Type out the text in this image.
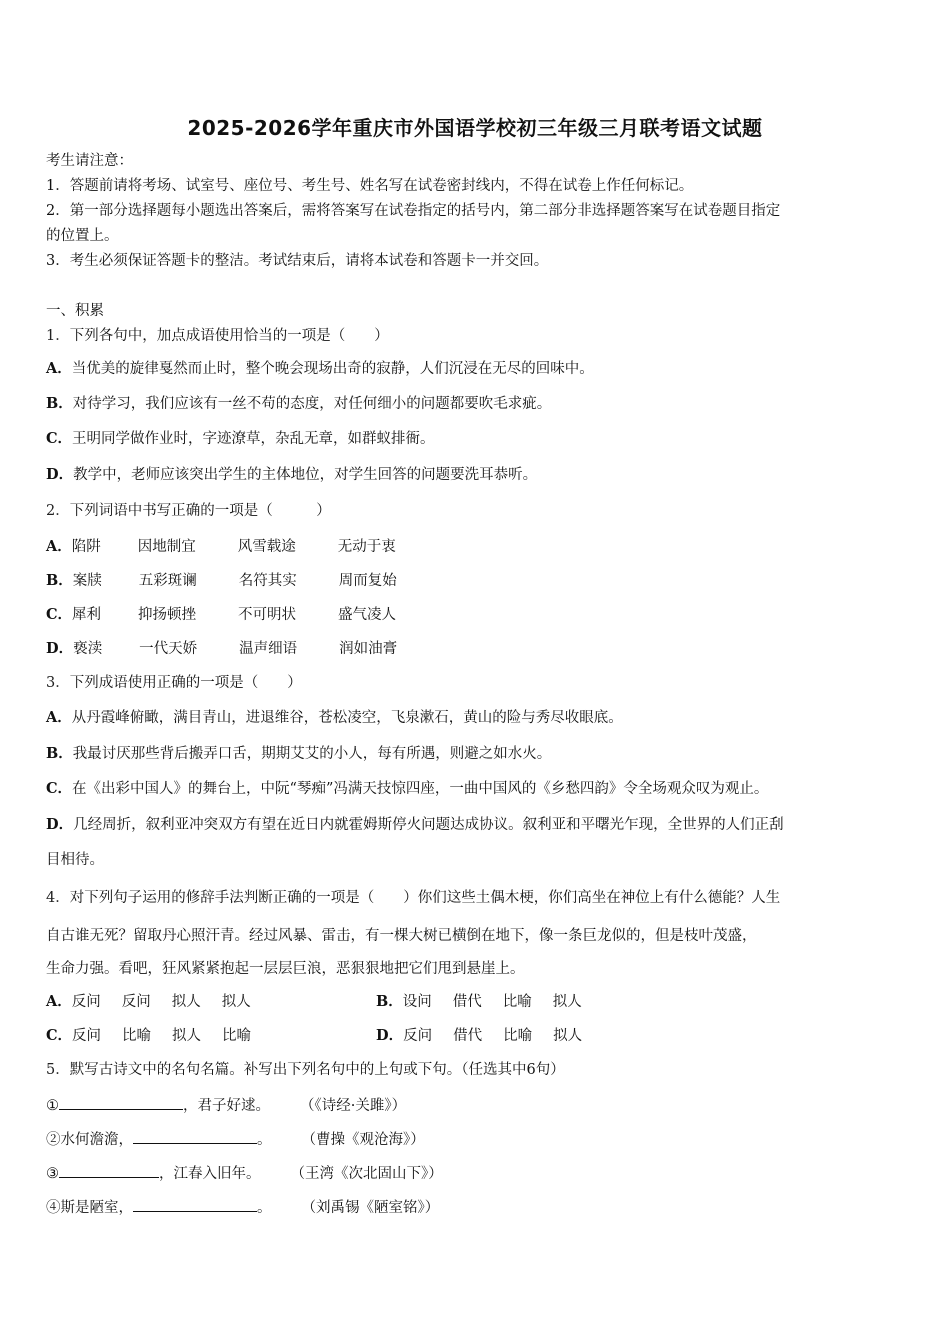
2025-2026学年重庆市外国语学校初三年级三月联考语文试题
考生请注意：
1．答题前请将考场、试室号、座位号、考生号、姓名写在试卷密封线内，不得在试卷上作任何标记。
2．第一部分选择题每小题选出答案后，需将答案写在试卷指定的括号内，第二部分非选择题答案写在试卷题目指定
的位置上。
3．考生必须保证答题卡的整洁。考试结束后，请将本试卷和答题卡一并交回。
一、积累
1．下列各句中，加点成语使用恰当的一项是（　　）
A．当优美的旋律戛然而止时，整个晚会现场出奇的寂静，人们沉浸在无尽的回味中。
B．对待学习，我们应该有一丝不苟的态度，对任何细小的问题都要吹毛求疵。
C．王明同学做作业时，字迹潦草，杂乱无章，如群蚁排衙。
D．教学中，老师应该突出学生的主体地位，对学生回答的问题要洗耳恭听。
2．下列词语中书写正确的一项是（　　　）
A．陷阱	因地制宜	风雪载途	无动于衷
B．案牍	五彩斑谰	名符其实	周而复始
C．犀利	抑扬顿挫	不可明状	盛气凌人
D．亵渎	一代天娇	温声细语	润如油膏
3．下列成语使用正确的一项是（　　）
A．从丹霞峰俯瞰，满目青山，进退维谷，苍松凌空，飞泉漱石，黄山的险与秀尽收眼底。
B．我最讨厌那些背后搬弄口舌，期期艾艾的小人，每有所遇，则避之如水火。
C．在《出彩中国人》的舞台上，中阮“琴痴”冯满天技惊四座，一曲中国风的《乡愁四韵》令全场观众叹为观止。
D．几经周折，叙利亚冲突双方有望在近日内就霍姆斯停火问题达成协议。叙利亚和平曙光乍现，全世界的人们正刮
目相待。
4．对下列句子运用的修辞手法判断正确的一项是（　　）你们这些土偶木梗，你们高坐在神位上有什么德能？人生
自古谁无死？留取丹心照汗青。经过风暴、雷击，有一棵大树已横倒在地下，像一条巨龙似的，但是枝叶茂盛，
生命力强。看吧，狂风紧紧抱起一层层巨浪，恶狠狠地把它们甩到悬崖上。
A．反问 反问 拟人 拟人	B．设问 借代 比喻 拟人
C．反问 比喻 拟人 比喻	D．反问 借代 比喻 拟人
5．默写古诗文中的名句名篇。补写出下列名句中的上句或下句。（任选其中6句）
①	，君子好逑。 （《诗经·关雎》）
②水何澹澹，	。 （曹操《观沧海》）
③	，江春入旧年。 （王湾《次北固山下》）
④斯是陋室，	。 （刘禹锡《陋室铭》）
